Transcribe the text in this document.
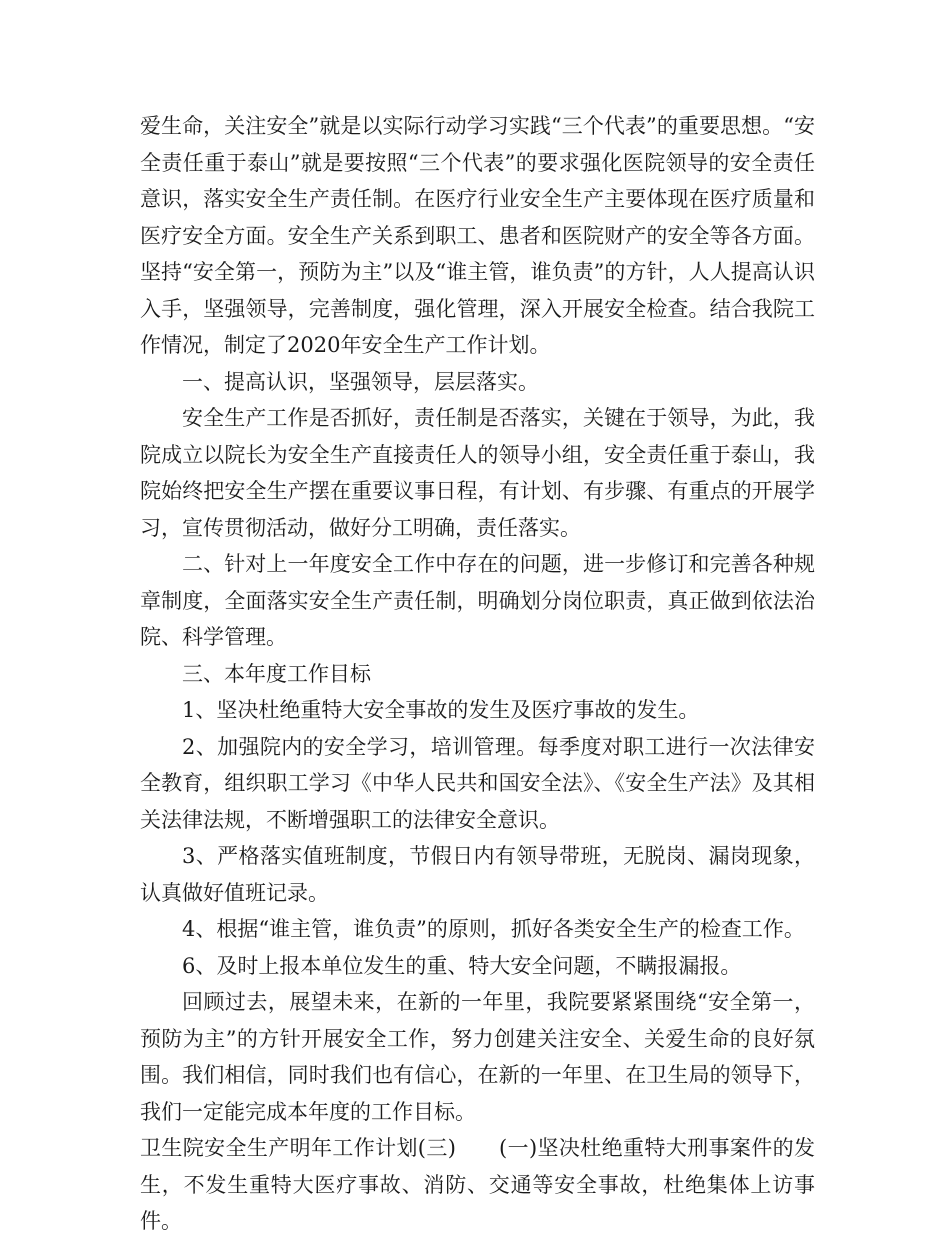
爱生命，关注安全”就是以实际行动学习实践“三个代表”的重要思想。“安全责任重于泰山”就是要按照“三个代表”的要求强化医院领导的安全责任意识，落实安全生产责任制。在医疗行业安全生产主要体现在医疗质量和医疗安全方面。安全生产关系到职工、患者和医院财产的安全等各方面。坚持“安全第一，预防为主”以及“谁主管，谁负责”的方针，人人提高认识入手，坚强领导，完善制度，强化管理，深入开展安全检查。结合我院工作情况，制定了2020年安全生产工作计划。

一、提高认识，坚强领导，层层落实。

安全生产工作是否抓好，责任制是否落实，关键在于领导，为此，我院成立以院长为安全生产直接责任人的领导小组，安全责任重于泰山，我院始终把安全生产摆在重要议事日程，有计划、有步骤、有重点的开展学习，宣传贯彻活动，做好分工明确，责任落实。

二、针对上一年度安全工作中存在的问题，进一步修订和完善各种规章制度，全面落实安全生产责任制，明确划分岗位职责，真正做到依法治院、科学管理。

三、本年度工作目标

1、坚决杜绝重特大安全事故的发生及医疗事故的发生。

2、加强院内的安全学习，培训管理。每季度对职工进行一次法律安全教育，组织职工学习《中华人民共和国安全法》、《安全生产法》及其相关法律法规，不断增强职工的法律安全意识。

3、严格落实值班制度，节假日内有领导带班，无脱岗、漏岗现象，认真做好值班记录。

4、根据“谁主管，谁负责”的原则，抓好各类安全生产的检查工作。

6、及时上报本单位发生的重、特大安全问题，不瞒报漏报。

回顾过去，展望未来，在新的一年里，我院要紧紧围绕“安全第一，预防为主”的方针开展安全工作，努力创建关注安全、关爱生命的良好氛围。我们相信，同时我们也有信心，在新的一年里、在卫生局的领导下，我们一定能完成本年度的工作目标。

卫生院安全生产明年工作计划(三)　　(一)坚决杜绝重特大刑事案件的发生，不发生重特大医疗事故、消防、交通等安全事故，杜绝集体上访事件。
